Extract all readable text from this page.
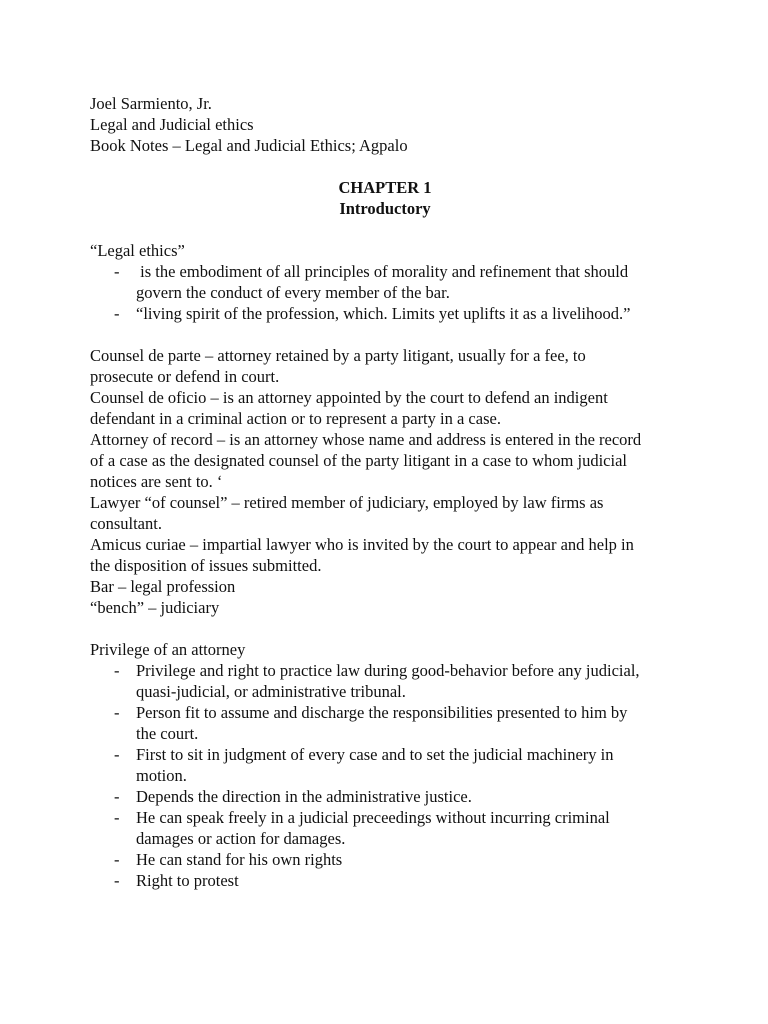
Joel Sarmiento, Jr.
Legal and Judicial ethics
Book Notes – Legal and Judicial Ethics; Agpalo
CHAPTER 1
Introductory
“Legal ethics”
- is the embodiment of all principles of morality and refinement that should
govern the conduct of every member of the bar.
- “living spirit of the profession, which. Limits yet uplifts it as a livelihood.”
Counsel de parte – attorney retained by a party litigant, usually for a fee, to
prosecute or defend in court.
Counsel de oficio – is an attorney appointed by the court to defend an indigent
defendant in a criminal action or to represent a party in a case.
Attorney of record – is an attorney whose name and address is entered in the record
of a case as the designated counsel of the party litigant in a case to whom judicial
notices are sent to. ‘
Lawyer “of counsel” – retired member of judiciary, employed by law firms as
consultant.
Amicus curiae – impartial lawyer who is invited by the court to appear and help in
the disposition of issues submitted.
Bar – legal profession
“bench” – judiciary
Privilege of an attorney
- Privilege and right to practice law during good-behavior before any judicial,
quasi-judicial, or administrative tribunal.
- Person fit to assume and discharge the responsibilities presented to him by
the court.
- First to sit in judgment of every case and to set the judicial machinery in
motion.
- Depends the direction in the administrative justice.
- He can speak freely in a judicial preceedings without incurring criminal
damages or action for damages.
- He can stand for his own rights
- Right to protest
